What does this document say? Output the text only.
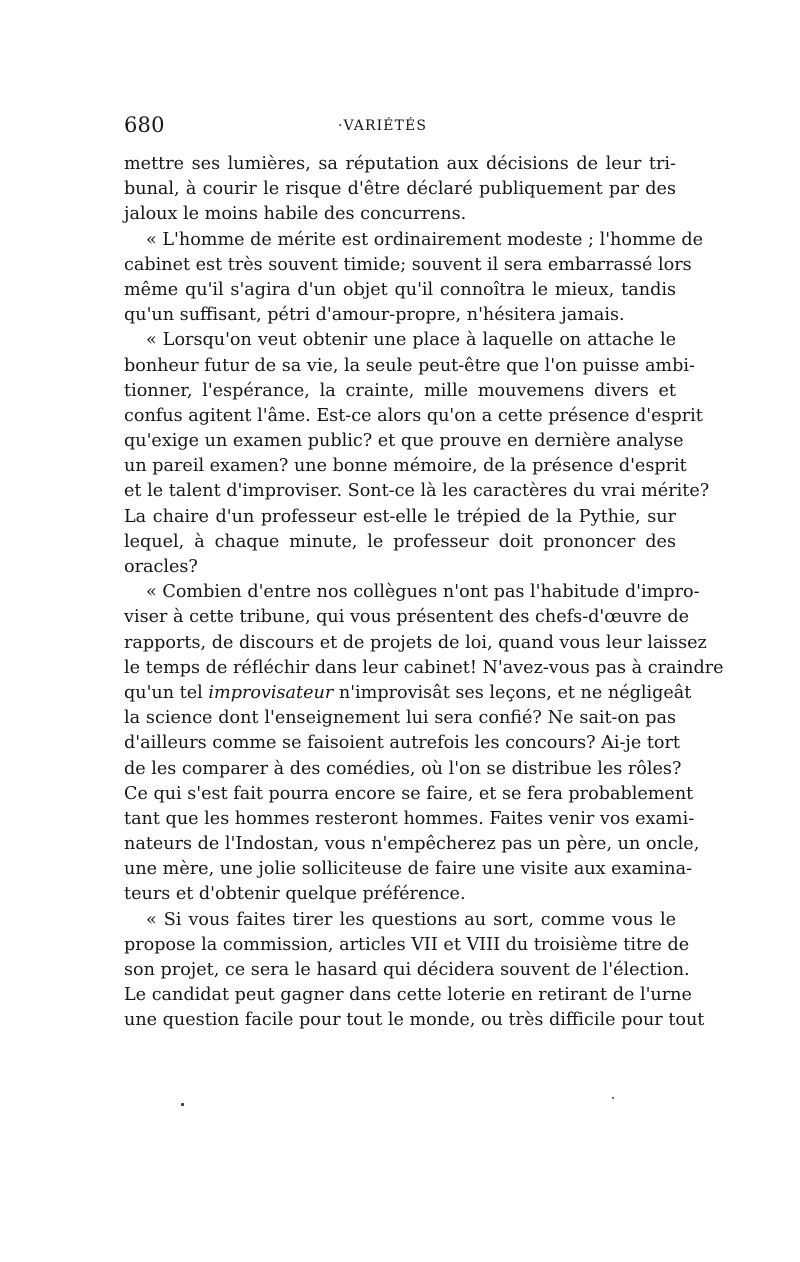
680	·VARIÉTÉS
mettre ses lumières, sa réputation aux décisions de leur tri-
bunal, à courir le risque d'être déclaré publiquement par des
jaloux le moins habile des concurrens.
« L'homme de mérite est ordinairement modeste ; l'homme de
cabinet est très souvent timide; souvent il sera embarrassé lors
même qu'il s'agira d'un objet qu'il connoîtra le mieux, tandis
qu'un suffisant, pétri d'amour-propre, n'hésitera jamais.
« Lorsqu'on veut obtenir une place à laquelle on attache le
bonheur futur de sa vie, la seule peut-être que l'on puisse ambi-
tionner, l'espérance, la crainte, mille mouvemens divers et
confus agitent l'âme. Est-ce alors qu'on a cette présence d'esprit
qu'exige un examen public? et que prouve en dernière analyse
un pareil examen? une bonne mémoire, de la présence d'esprit
et le talent d'improviser. Sont-ce là les caractères du vrai mérite?
La chaire d'un professeur est-elle le trépied de la Pythie, sur
lequel, à chaque minute, le professeur doit prononcer des
oracles?
« Combien d'entre nos collègues n'ont pas l'habitude d'impro-
viser à cette tribune, qui vous présentent des chefs-d'œuvre de
rapports, de discours et de projets de loi, quand vous leur laissez
le temps de réfléchir dans leur cabinet! N'avez-vous pas à craindre
qu'un tel improvisateur n'improvisât ses leçons, et ne négligeât
la science dont l'enseignement lui sera confié? Ne sait-on pas
d'ailleurs comme se faisoient autrefois les concours? Ai-je tort
de les comparer à des comédies, où l'on se distribue les rôles?
Ce qui s'est fait pourra encore se faire, et se fera probablement
tant que les hommes resteront hommes. Faites venir vos exami-
nateurs de l'Indostan, vous n'empêcherez pas un père, un oncle,
une mère, une jolie solliciteuse de faire une visite aux examina-
teurs et d'obtenir quelque préférence.
« Si vous faites tirer les questions au sort, comme vous le
propose la commission, articles VII et VIII du troisième titre de
son projet, ce sera le hasard qui décidera souvent de l'élection.
Le candidat peut gagner dans cette loterie en retirant de l'urne
une question facile pour tout le monde, ou très difficile pour tout
